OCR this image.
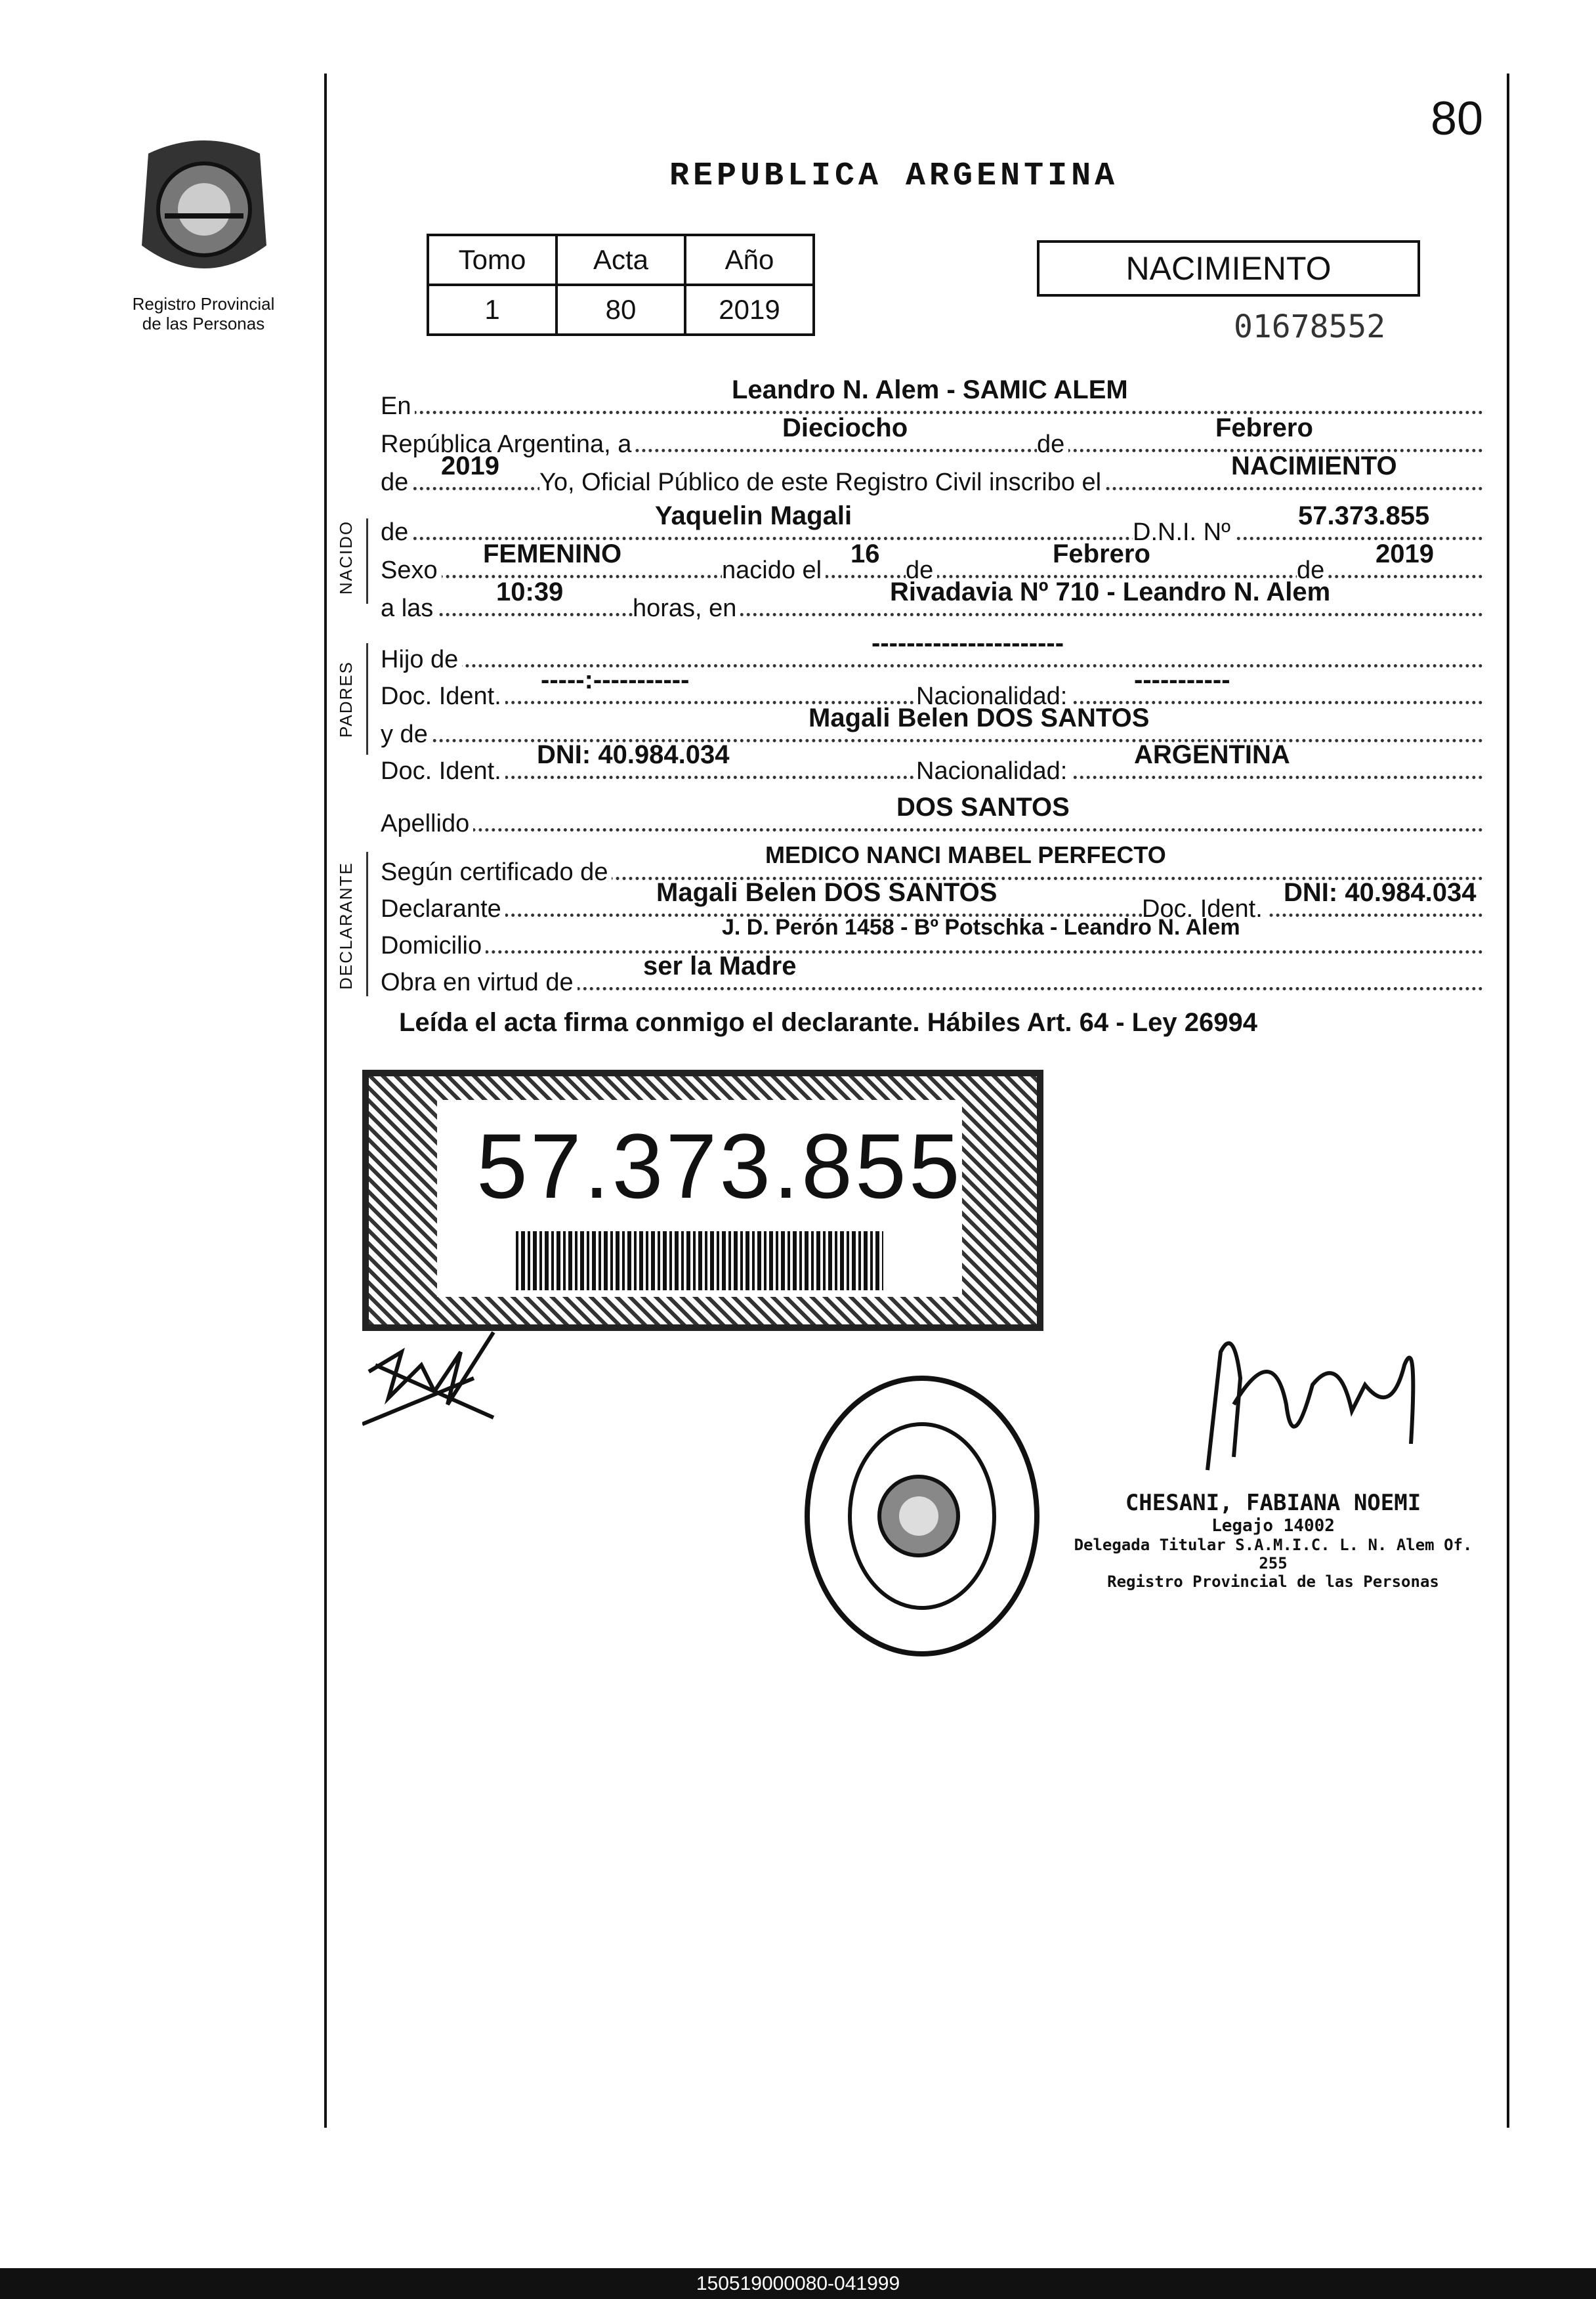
80
Registro Provincial
de las Personas
REPUBLICA ARGENTINA
Tomo	Acta	Año
1	80	2019
NACIMIENTO
01678552
NACIDO
PADRES
DECLARANTE
En
Leandro N. Alem - SAMIC ALEM
República Argentina, a
Dieciocho
de
Febrero
de
2019
Yo, Oficial Público de este Registro Civil inscribo el
NACIMIENTO
de
Yaquelin Magali
D.N.I. Nº
57.373.855
Sexo
FEMENINO
nacido el
16
de
Febrero
de
2019
a las
10:39
horas, en
Rivadavia Nº 710 - Leandro N. Alem
Hijo de
----------------------
Doc. Ident.
-----:-----------
Nacionalidad:
-----------
y de
Magali Belen DOS SANTOS
Doc. Ident.
DNI: 40.984.034
Nacionalidad:
ARGENTINA
Apellido
DOS SANTOS
Según certificado de
MEDICO NANCI MABEL PERFECTO
Declarante
Magali Belen DOS SANTOS
Doc. Ident.
DNI: 40.984.034
Domicilio
J. D. Perón 1458 - Bº Potschka - Leandro N. Alem
Obra en virtud de
ser la Madre
Leída el acta firma conmigo el declarante. Hábiles Art. 64 - Ley 26994
57.373.855
CHESANI, FABIANA NOEMI
Legajo 14002
Delegada Titular S.A.M.I.C. L. N. Alem Of. 255
Registro Provincial de las Personas
150519000080-041999
